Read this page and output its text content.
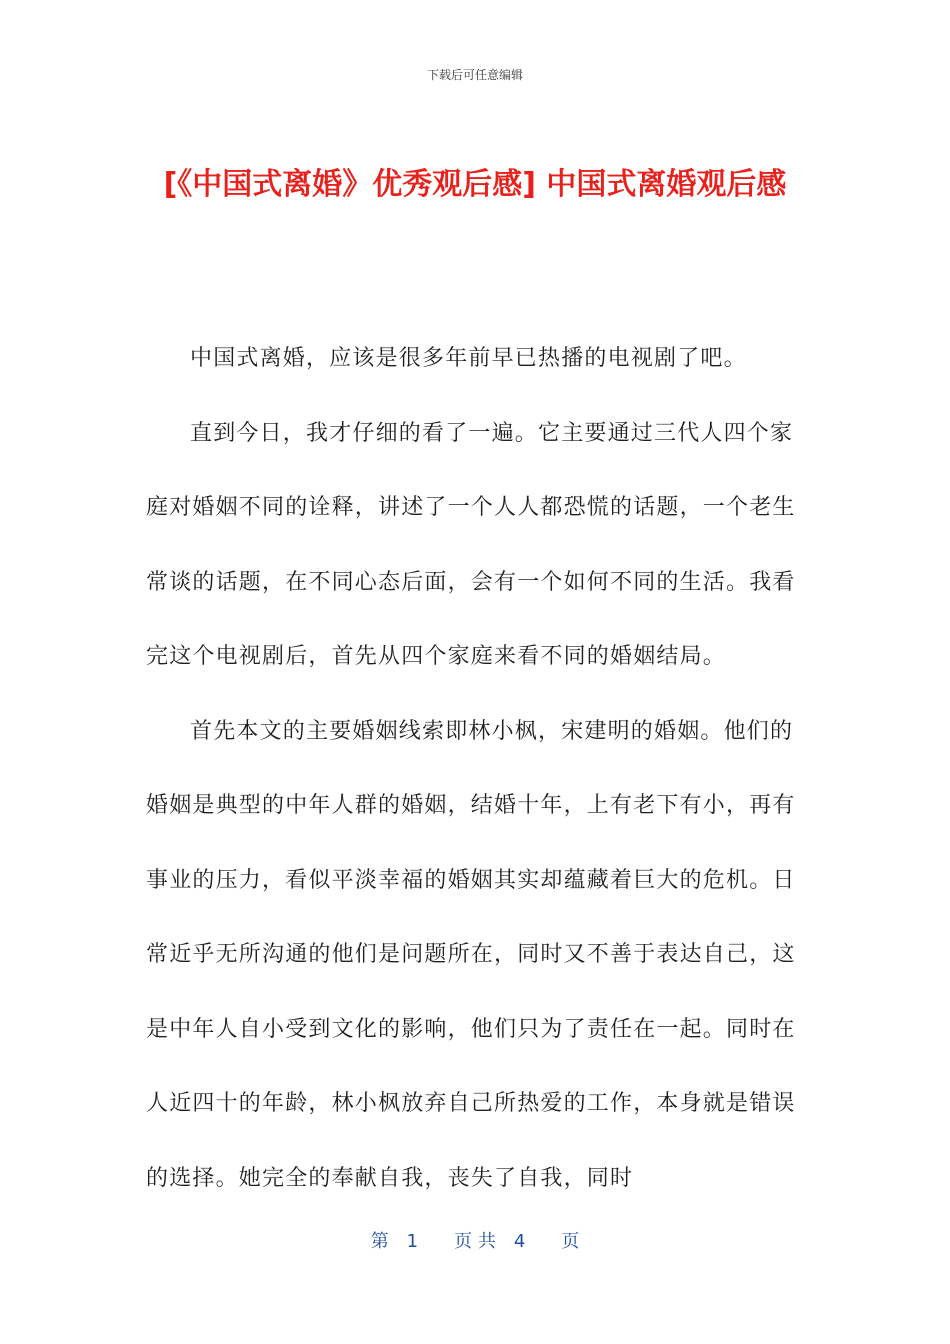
下载后可任意编辑
[《中国式离婚》优秀观后感] 中国式离婚观后感

中国式离婚，应该是很多年前早已热播的电视剧了吧。

直到今日，我才仔细的看了一遍。它主要通过三代人四个家庭对婚姻不同的诠释，讲述了一个人人都恐慌的话题，一个老生常谈的话题，在不同心态后面，会有一个如何不同的生活。我看完这个电视剧后，首先从四个家庭来看不同的婚姻结局。

首先本文的主要婚姻线索即林小枫，宋建明的婚姻。他们的婚姻是典型的中年人群的婚姻，结婚十年，上有老下有小，再有事业的压力，看似平淡幸福的婚姻其实却蕴藏着巨大的危机。日常近乎无所沟通的他们是问题所在，同时又不善于表达自己，这是中年人自小受到文化的影响，他们只为了责任在一起。同时在人近四十的年龄，林小枫放弃自己所热爱的工作，本身就是错误的选择。她完全的奉献自我，丧失了自我，同时

第　1　　页 共　4　　页
